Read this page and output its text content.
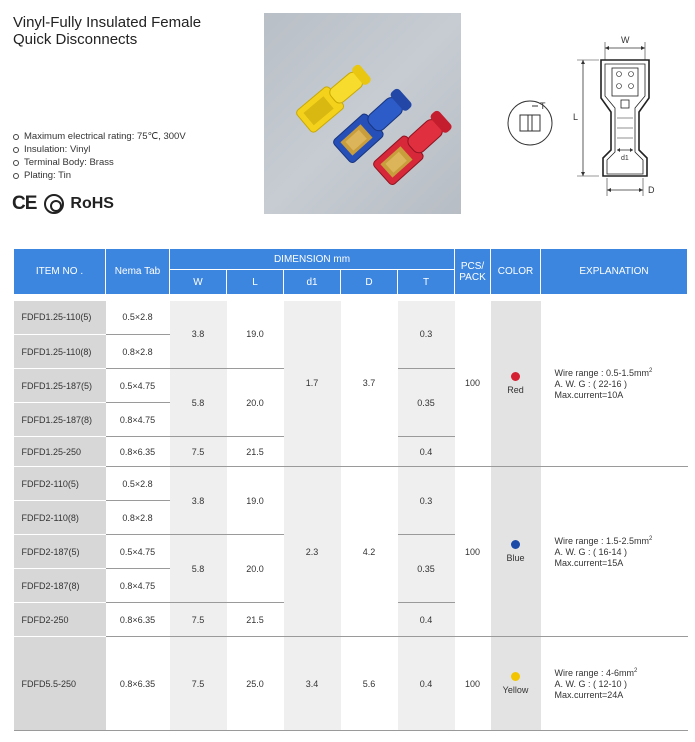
Vinyl-Fully Insulated Female
Quick Disconnects
Maximum electrical rating: 75℃, 300V
Insulation: Vinyl
Terminal Body: Brass
Plating: Tin
CE RoHS
T
W
L
d1
D
ITEM NO .	Nema Tab	DIMENSION mm					PCS/
PACK	COLOR	EXPLANATION
		W	L	d1	D	T			

FDFD1.25-110(5)	0.5×2.8	3.8	19.0	1.7	3.7	0.3	100	Red	Wire range : $0.5-1.5mm^2$
A. W. G : ( 22-16 )
Max.current=10A

FDFD1.25-110(8)	0.8×2.8								
FDFD1.25-187(5)	0.5×4.75	5.8	20.0			0.35			
FDFD1.25-187(8)	0.8×4.75								
FDFD1.25-250	0.8×6.35	7.5	21.5			0.4			
FDFD2-110(5)	0.5×2.8	3.8	19.0	2.3	4.2	0.3	100	Blue	Wire range : $1.5-2.5mm^2$
A. W. G : ( 16-14 )
Max.current=15A

FDFD2-110(8)	0.8×2.8								
FDFD2-187(5)	0.5×4.75	5.8	20.0			0.35			
FDFD2-187(8)	0.8×4.75								
FDFD2-250	0.8×6.35	7.5	21.5			0.4			
FDFD5.5-250	0.8×6.35	7.5	25.0	3.4	5.6	0.4	100	Yellow	Wire range : $4-6mm^2$
A. W. G : ( 12-10 )
Max.current=24A
